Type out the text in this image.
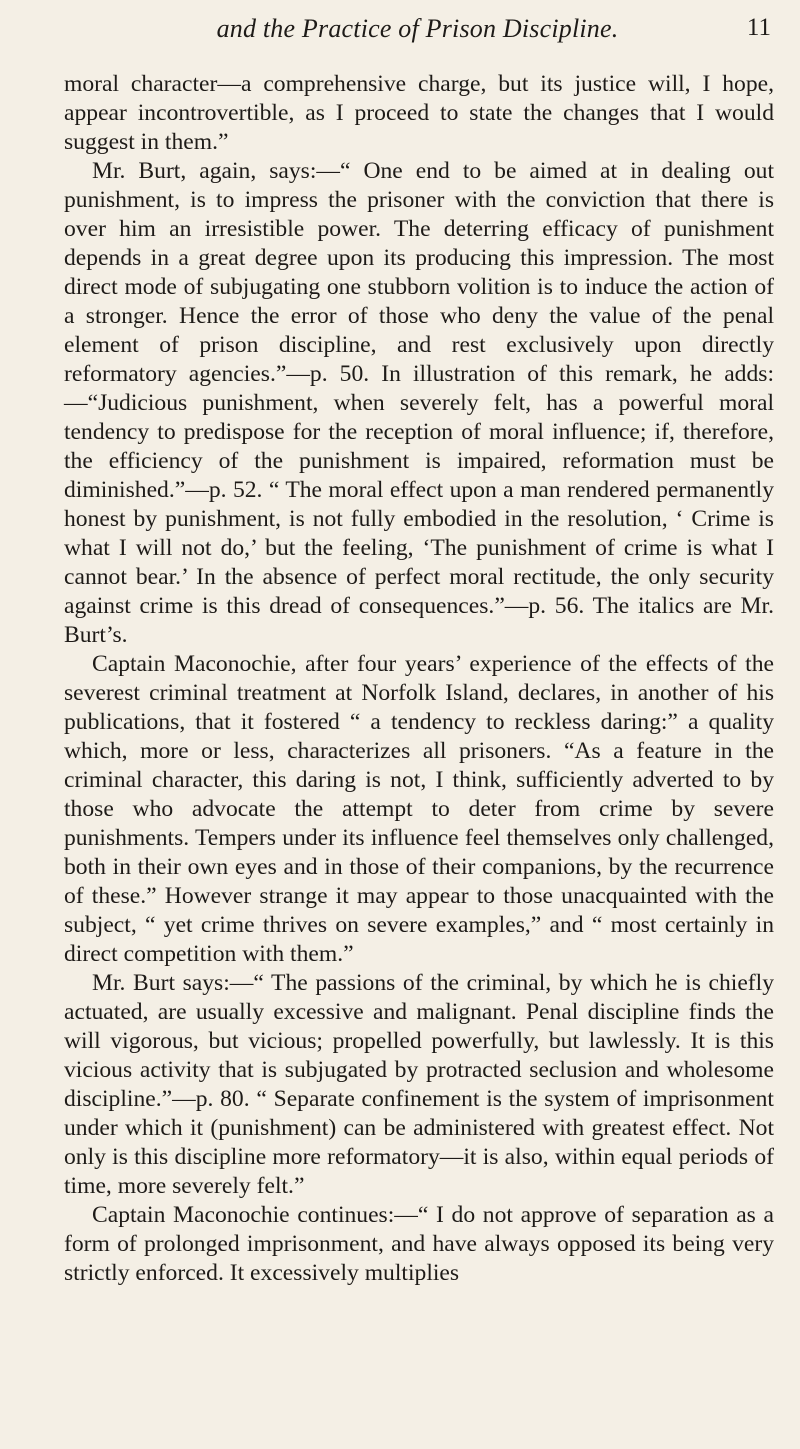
and the Practice of Prison Discipline.	11

moral character—a comprehensive charge, but its justice will, I hope, appear incontrovertible, as I proceed to state the changes that I would suggest in them.”

Mr. Burt, again, says:—“ One end to be aimed at in dealing out punishment, is to impress the prisoner with the conviction that there is over him an irresistible power. The deterring efficacy of punishment depends in a great degree upon its producing this impression. The most direct mode of subjugating one stubborn volition is to induce the action of a stronger. Hence the error of those who deny the value of the penal element of prison discipline, and rest exclusively upon directly reformatory agencies.”—p. 50. In illustration of this remark, he adds:—“Judicious punishment, when severely felt, has a powerful moral tendency to predispose for the reception of moral influence; if, therefore, the efficiency of the punishment is impaired, reformation must be diminished.”—p. 52. “ The moral effect upon a man rendered permanently honest by punishment, is not fully embodied in the resolution, ‘ Crime is what I will not do,’ but the feeling, ‘The punishment of crime is what I cannot bear.’ In the absence of perfect moral rectitude, the only security against crime is this dread of consequences.”—p. 56. The italics are Mr. Burt’s.

Captain Maconochie, after four years’ experience of the effects of the severest criminal treatment at Norfolk Island, declares, in another of his publications, that it fostered “ a tendency to reckless daring:” a quality which, more or less, characterizes all prisoners. “As a feature in the criminal character, this daring is not, I think, sufficiently adverted to by those who advocate the attempt to deter from crime by severe punishments. Tempers under its influence feel themselves only challenged, both in their own eyes and in those of their companions, by the recurrence of these.” However strange it may appear to those unacquainted with the subject, “ yet crime thrives on severe examples,” and “ most certainly in direct competition with them.”

Mr. Burt says:—“ The passions of the criminal, by which he is chiefly actuated, are usually excessive and malignant. Penal discipline finds the will vigorous, but vicious; propelled powerfully, but lawlessly. It is this vicious activity that is subjugated by protracted seclusion and wholesome discipline.”—p. 80. “ Separate confinement is the system of imprisonment under which it (punishment) can be administered with greatest effect. Not only is this discipline more reformatory—it is also, within equal periods of time, more severely felt.”

Captain Maconochie continues:—“ I do not approve of separation as a form of prolonged imprisonment, and have always opposed its being very strictly enforced. It excessively multiplies
